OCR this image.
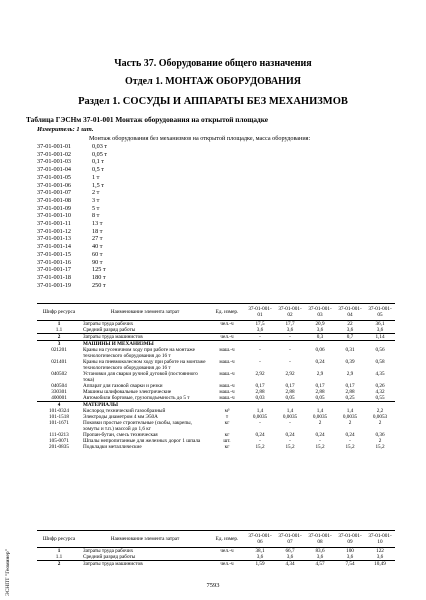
Часть 37. Оборудование общего назначения
Отдел 1. МОНТАЖ ОБОРУДОВАНИЯ
Раздел 1. СОСУДЫ И АППАРАТЫ БЕЗ МЕХАНИЗМОВ
Таблица ГЭСНм 37-01-001 Монтаж оборудования на открытой площадке
Измеритель: 1 шт.
Монтаж оборудования без механизмов на открытой площадке, масса оборудования:
37-01-001-01	0,03 т
37-01-001-02	0,05 т
37-01-001-03	0,1 т
37-01-001-04	0,5 т
37-01-001-05	1 т
37-01-001-06	1,5 т
37-01-001-07	2 т
37-01-001-08	3 т
37-01-001-09	5 т
37-01-001-10	8 т
37-01-001-11	13 т
37-01-001-12	18 т
37-01-001-13	27 т
37-01-001-14	40 т
37-01-001-15	60 т
37-01-001-16	90 т
37-01-001-17	125 т
37-01-001-18	180 т
37-01-001-19	250 т
Шифр ресурса	Наименование элемента затрат	Ед. измер.	37-01-001-01	37-01-001-02	37-01-001-03	37-01-001-04	37-01-001-05
1	Затраты труда рабочих	чел.-ч	17,5	17,7	20,9	22	36,1
1.1	Средний разряд работы		3,6	3,6	3,6	3,6	3,6
2	Затраты труда машинистов	чел.-ч	-	-	0,3	0,7	1,14
3	МАШИНЫ И МЕХАНИЗМЫ						
021201	Краны на гусеничном ходу при работе на монтаже технологического оборудования до 16 т	маш.-ч	-	-	0,06	0,31	0,56
021401	Краны на пневмоколесном ходу при работе на монтаже технологического оборудования до 16 т	маш.-ч	-	-	0,24	0,39	0,58
040502	Установки для сварки ручной дуговой (постоянного тока)	маш.-ч	2,92	2,92	2,9	2,9	4,35
040504	Аппарат для газовой сварки и резки	маш.-ч	0,17	0,17	0,17	0,17	0,26
330301	Машины шлифовальные электрические	маш.-ч	2,88	2,88	2,88	2,88	4,32
400001	Автомобили бортовые, грузоподъемность до 5 т	маш.-ч	0,03	0,05	0,05	0,25	0,55
4	МАТЕРИАЛЫ						
101-0324	Кислород технический газообразный	м³	1,4	1,4	1,4	1,4	2,2
101-1518	Электроды диаметром 4 мм Э50А	т	0,0035	0,0035	0,0035	0,0035	0,0053
101-1671	Поковки простые строительные (скобы, закрепы, хомуты и т.п.) массой до 1,6 кг	кг	-	-	2	2	2
111-0213	Пропан-бутан, смесь техническая	кг	0,24	0,24	0,24	0,24	0,36
105-0071	Шпалы непропитанные для железных дорог 1 шпала	шт.	-	-	-	-	2
201-0835	Подкладки металлические	кг	15,2	15,2	15,2	15,2	15,2
Шифр ресурса	Наименование элемента затрат	Ед. измер.	37-01-001-06	37-01-001-07	37-01-001-08	37-01-001-09	37-01-001-10
1	Затраты труда рабочих	чел.-ч	38,1	66,7	83,6	100	122
1.1	Средний разряд работы		3,6	3,6	3,6	3,6	3,6
2	Затраты труда машинистов	чел.-ч	1,59	4,34	4,57	7,54	10,49
ЭСНПТ "Геоминер"	7593
